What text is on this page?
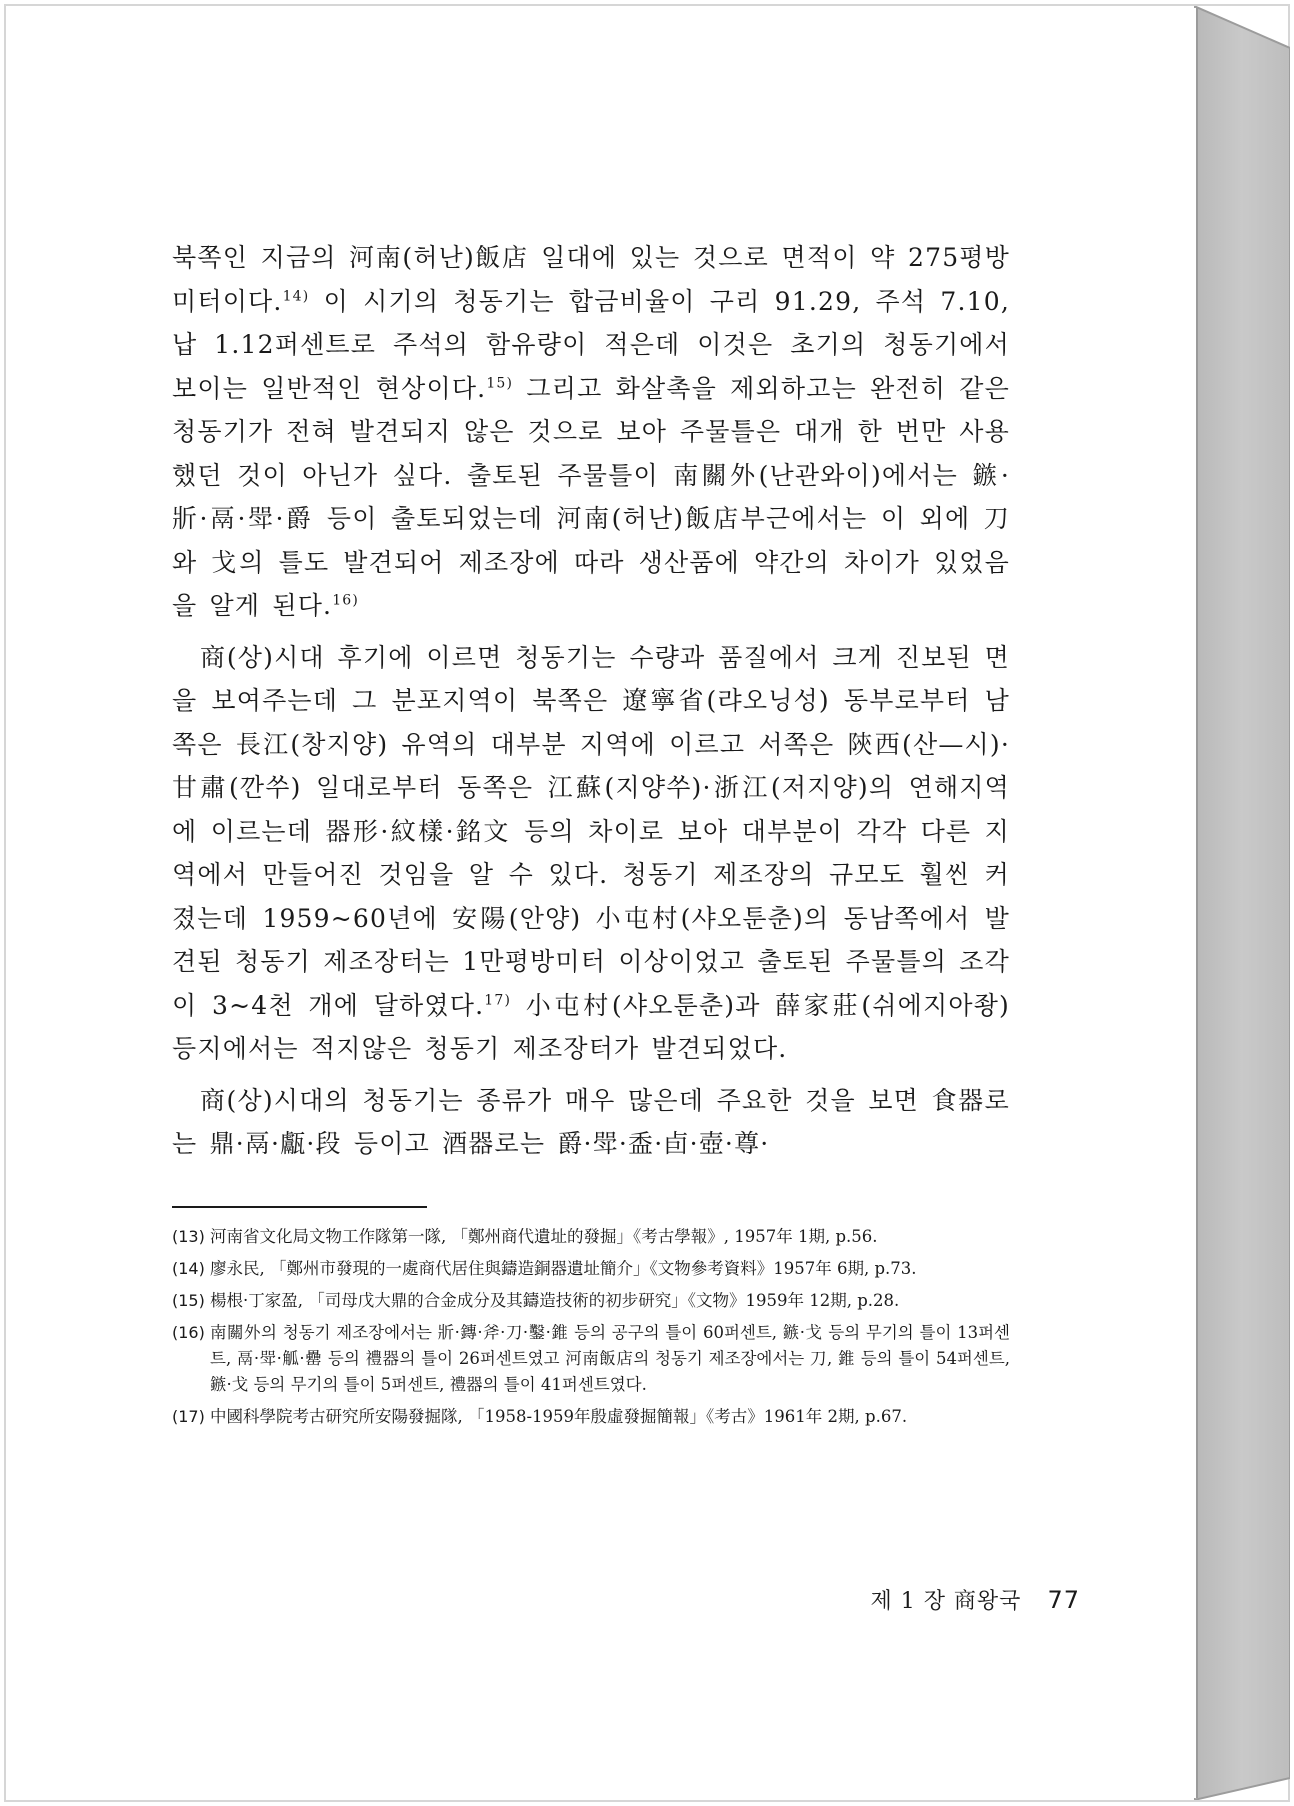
북쪽인 지금의 河南(허난)飯店 일대에 있는 것으로 면적이 약 275평방미터이다.$^{14)}$ 이 시기의 청동기는 합금비율이 구리 91.29, 주석 7.10, 납 1.12퍼센트로 주석의 함유량이 적은데 이것은 초기의 청동기에서 보이는 일반적인 현상이다.$^{15)}$ 그리고 화살촉을 제외하고는 완전히 같은 청동기가 전혀 발견되지 않은 것으로 보아 주물틀은 대개 한 번만 사용했던 것이 아닌가 싶다. 출토된 주물틀이 南關外(난관와이)에서는 鏃·斨·鬲·斝·爵 등이 출토되었는데 河南(허난)飯店부근에서는 이 외에 刀와 戈의 틀도 발견되어 제조장에 따라 생산품에 약간의 차이가 있었음을 알게 된다.$^{16)}$

商(상)시대 후기에 이르면 청동기는 수량과 품질에서 크게 진보된 면을 보여주는데 그 분포지역이 북쪽은 遼寧省(랴오닝성) 동부로부터 남쪽은 長江(창지양) 유역의 대부분 지역에 이르고 서쪽은 陝西(산—시)·甘肅(깐쑤) 일대로부터 동쪽은 江蘇(지양쑤)·浙江(저지양)의 연해지역에 이르는데 器形·紋樣·銘文 등의 차이로 보아 대부분이 각각 다른 지역에서 만들어진 것임을 알 수 있다. 청동기 제조장의 규모도 훨씬 커졌는데 1959~60년에 安陽(안양) 小屯村(샤오툰춘)의 동남쪽에서 발견된 청동기 제조장터는 1만평방미터 이상이었고 출토된 주물틀의 조각이 3~4천 개에 달하였다.$^{17)}$ 小屯村(샤오툰춘)과 薛家莊(쉬에지아좡) 등지에서는 적지않은 청동기 제조장터가 발견되었다.

商(상)시대의 청동기는 종류가 매우 많은데 주요한 것을 보면 食器로는 鼎·鬲·甗·段 등이고 酒器로는 爵·斝·盉·卣·壺·尊·

(13) 河南省文化局文物工作隊第一隊, 「鄭州商代遺址的發掘」《考古學報》, 1957年 1期, p.56.
(14) 廖永民, 「鄭州市發現的一處商代居住與鑄造銅器遺址簡介」《文物參考資料》1957年 6期, p.73.
(15) 楊根·丁家盈, 「司母戊大鼎的合金成分及其鑄造技術的初步研究」《文物》1959年 12期, p.28.
(16) 南關外의 청동기 제조장에서는 斨·鏄·斧·刀·鑿·錐 등의 공구의 틀이 60퍼센트, 鏃·戈 등의 무기의 틀이 13퍼센트, 鬲·斝·觚·罍 등의 禮器의 틀이 26퍼센트였고 河南飯店의 청동기 제조장에서는 刀, 錐 등의 틀이 54퍼센트, 鏃·戈 등의 무기의 틀이 5퍼센트, 禮器의 틀이 41퍼센트였다.
(17) 中國科學院考古研究所安陽發掘隊, 「1958-1959年殷虛發掘簡報」《考古》1961年 2期, p.67.
제 1 장 商왕국 77
